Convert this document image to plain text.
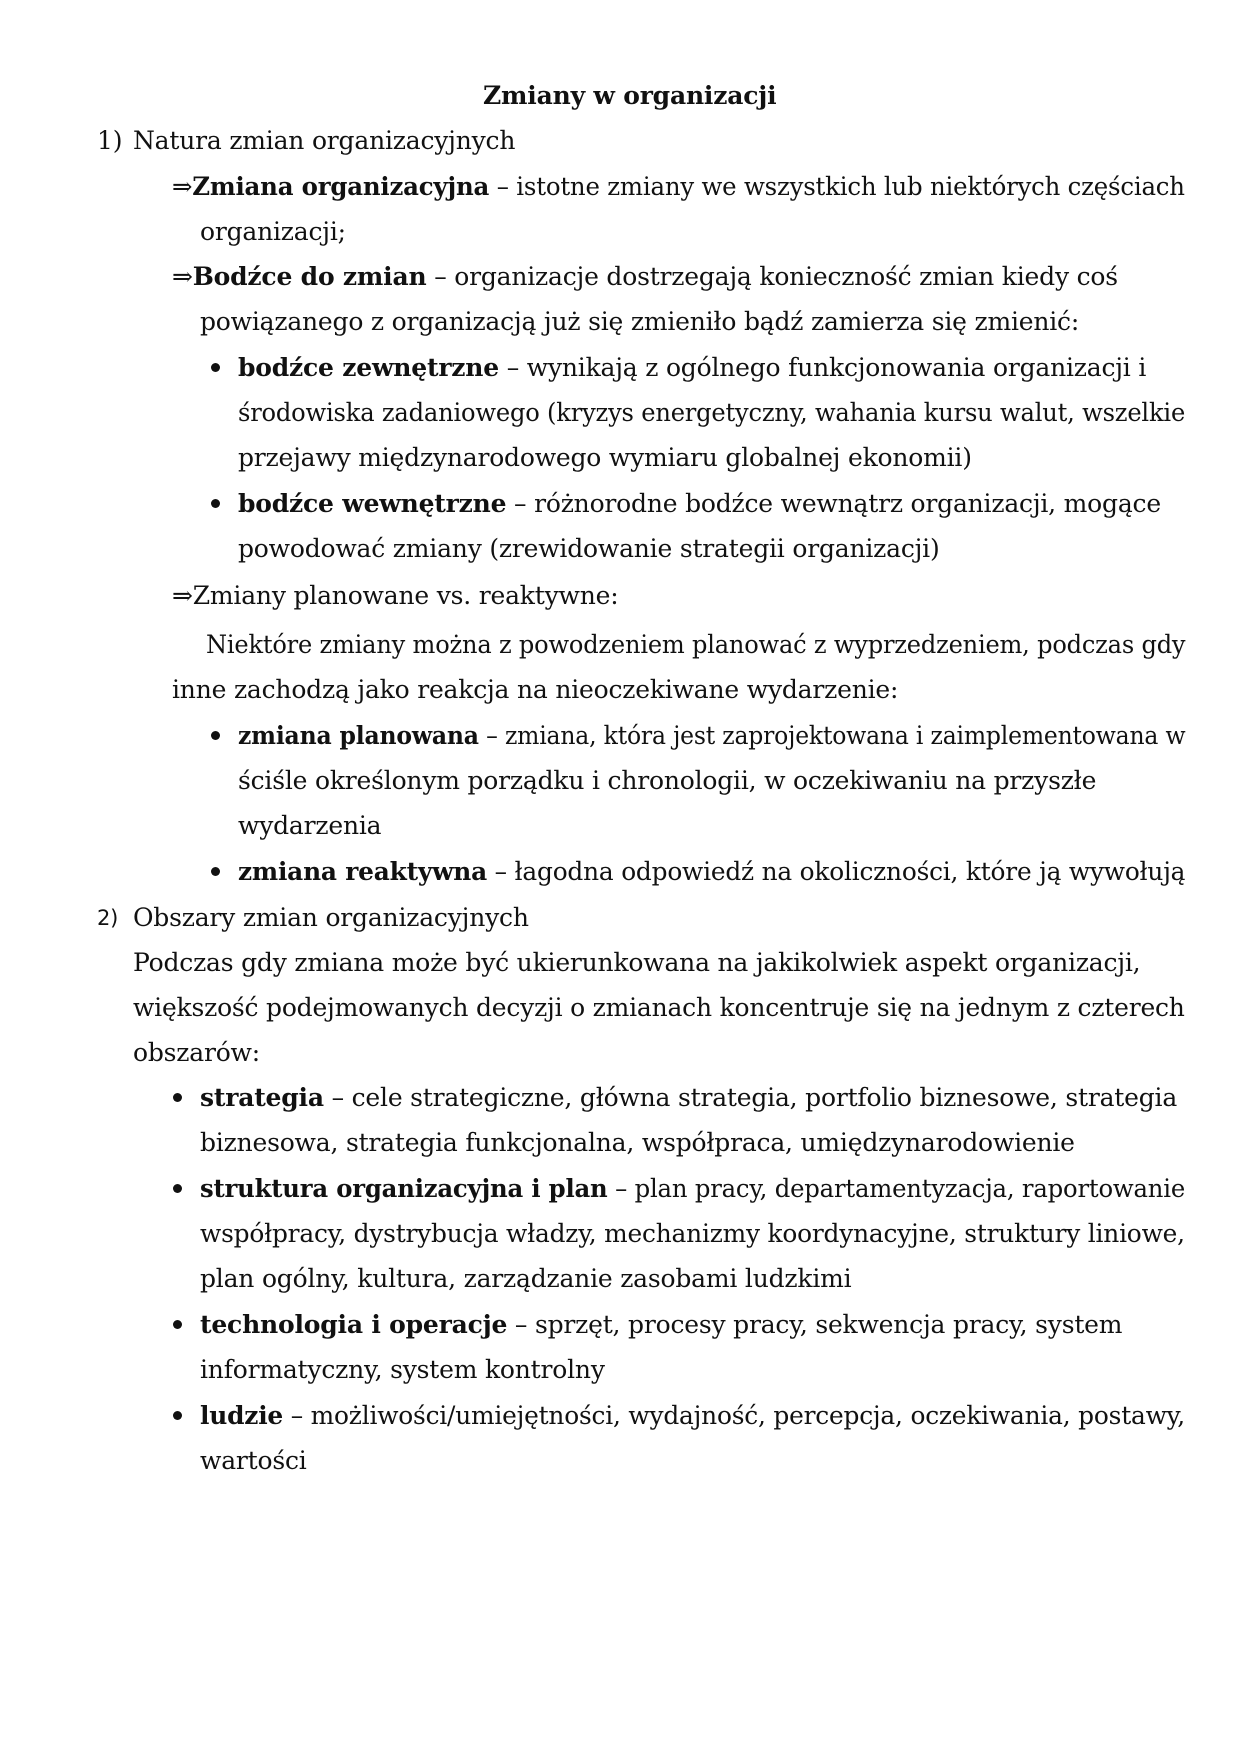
Zmiany w organizacji
1) Natura zmian organizacyjnych
⇒Zmiana organizacyjna – istotne zmiany we wszystkich lub niektórych częściach
organizacji;
⇒Bodźce do zmian – organizacje dostrzegają konieczność zmian kiedy coś
powiązanego z organizacją już się zmieniło bądź zamierza się zmienić:
bodźce zewnętrzne – wynikają z ogólnego funkcjonowania organizacji i
środowiska zadaniowego (kryzys energetyczny, wahania kursu walut, wszelkie
przejawy międzynarodowego wymiaru globalnej ekonomii)
bodźce wewnętrzne – różnorodne bodźce wewnątrz organizacji, mogące
powodować zmiany (zrewidowanie strategii organizacji)
⇒Zmiany planowane vs. reaktywne:
Niektóre zmiany można z powodzeniem planować z wyprzedzeniem, podczas gdy
inne zachodzą jako reakcja na nieoczekiwane wydarzenie:
zmiana planowana – zmiana, która jest zaprojektowana i zaimplementowana w
ściśle określonym porządku i chronologii, w oczekiwaniu na przyszłe
wydarzenia
zmiana reaktywna – łagodna odpowiedź na okoliczności, które ją wywołują
2) Obszary zmian organizacyjnych
Podczas gdy zmiana może być ukierunkowana na jakikolwiek aspekt organizacji,
większość podejmowanych decyzji o zmianach koncentruje się na jednym z czterech
obszarów:
strategia – cele strategiczne, główna strategia, portfolio biznesowe, strategia
biznesowa, strategia funkcjonalna, współpraca, umiędzynarodowienie
struktura organizacyjna i plan – plan pracy, departamentyzacja, raportowanie
współpracy, dystrybucja władzy, mechanizmy koordynacyjne, struktury liniowe,
plan ogólny, kultura, zarządzanie zasobami ludzkimi
technologia i operacje – sprzęt, procesy pracy, sekwencja pracy, system
informatyczny, system kontrolny
ludzie – możliwości/umiejętności, wydajność, percepcja, oczekiwania, postawy,
wartości
